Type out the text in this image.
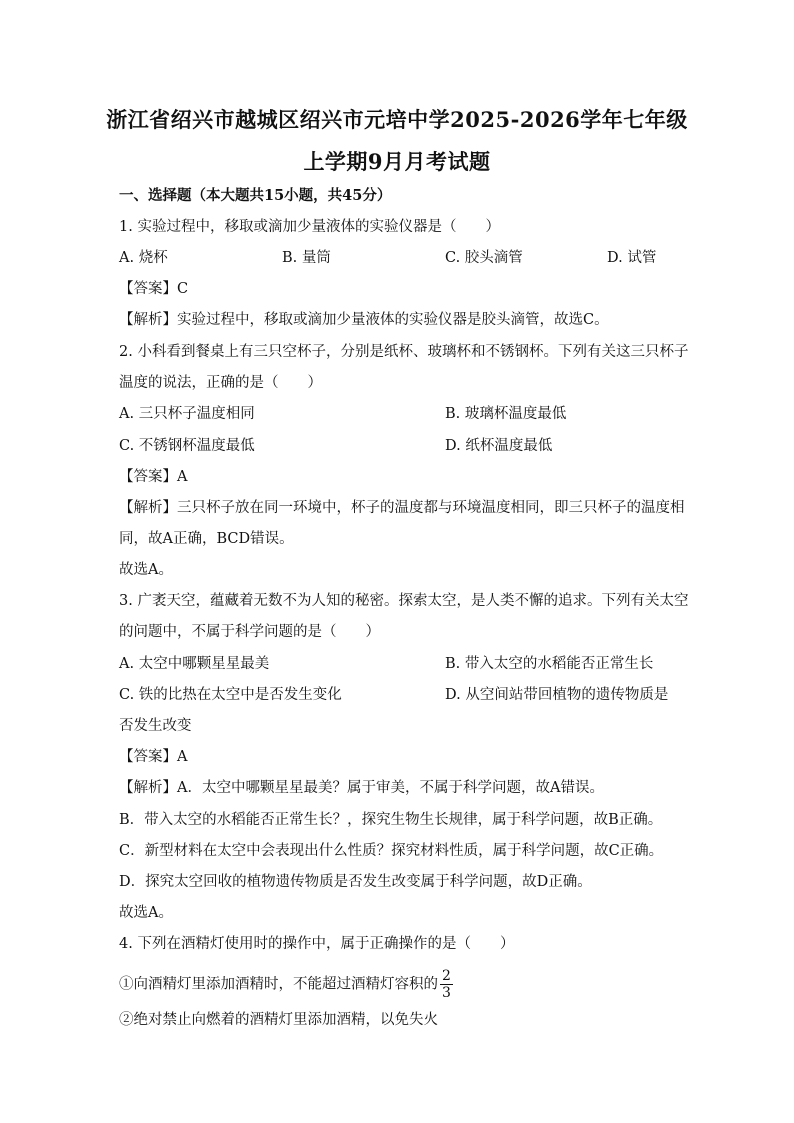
浙江省绍兴市越城区绍兴市元培中学2025-2026学年七年级
上学期9月月考试题
一、选择题（本大题共15小题，共45分）
1. 实验过程中，移取或滴加少量液体的实验仪器是（　　）
A. 烧杯	B. 量筒	C. 胶头滴管	D. 试管
【答案】C
【解析】实验过程中，移取或滴加少量液体的实验仪器是胶头滴管，故选C。
2. 小科看到餐桌上有三只空杯子，分别是纸杯、玻璃杯和不锈钢杯。下列有关这三只杯子
温度的说法，正确的是（　　）
A. 三只杯子温度相同	B. 玻璃杯温度最低
C. 不锈钢杯温度最低	D. 纸杯温度最低
【答案】A
【解析】三只杯子放在同一环境中，杯子的温度都与环境温度相同，即三只杯子的温度相
同，故A正确，BCD错误。
故选A。
3. 广袤天空，蕴藏着无数不为人知的秘密。探索太空，是人类不懈的追求。下列有关太空
的问题中，不属于科学问题的是（　　）
A. 太空中哪颗星星最美	B. 带入太空的水稻能否正常生长
C. 铁的比热在太空中是否发生变化	D. 从空间站带回植物的遗传物质是
否发生改变
【答案】A
【解析】A．太空中哪颗星星最美？属于审美，不属于科学问题，故A错误。
B．带入太空的水稻能否正常生长？，探究生物生长规律，属于科学问题，故B正确。
C．新型材料在太空中会表现出什么性质？探究材料性质，属于科学问题，故C正确。
D．探究太空回收的植物遗传物质是否发生改变属于科学问题，故D正确。
故选A。
4. 下列在酒精灯使用时的操作中，属于正确操作的是（　　）
①向酒精灯里添加酒精时，不能超过酒精灯容积的 $\frac{2}{3}$
②绝对禁止向燃着的酒精灯里添加酒精，以免失火
